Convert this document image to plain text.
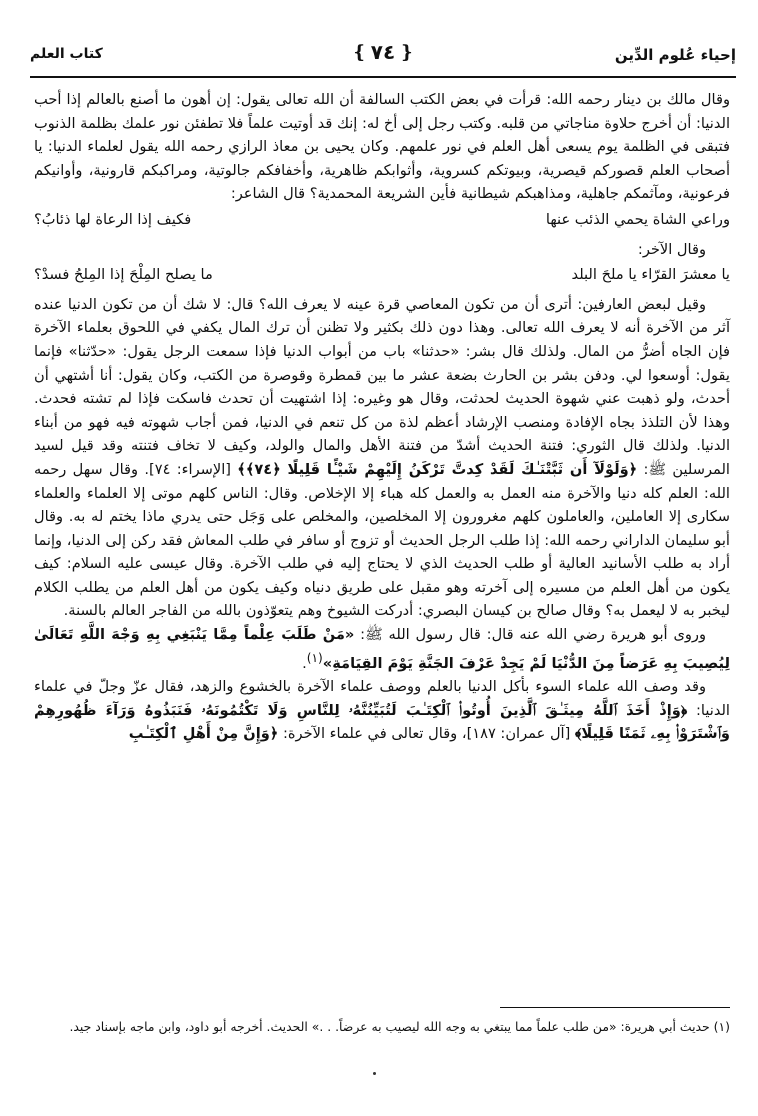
إحياء عُلوم الدِّين
❴
٧٤
❵
كتاب العلم

وقال مالك بن دينار رحمه الله: قرأت في بعض الكتب السالفة أن الله تعالى يقول: إن أهون ما أصنع بالعالم إذا أحب الدنيا: أن أخرج حلاوة مناجاتي من قلبه. وكتب رجل إلى أخ له: إنك قد أوتيت علماً فلا تطفئن نور علمك بظلمة الذنوب فتبقى في الظلمة يوم يسعى أهل العلم في نور علمهم. وكان يحيى بن معاذ الرازي رحمه الله يقول لعلماء الدنيا: يا أصحاب العلم قصوركم قيصرية، وبيوتكم كسروية، وأثوابكم ظاهرية، وأخفافكم جالوتية، ومراكبكم قارونية، وأوانيكم فرعونية، ومآثمكم جاهلية، ومذاهبكم شيطانية فأين الشريعة المحمدية؟ قال الشاعر:

وراعي الشاة يحمي الذئب عنها
فكيف إذا الرعاة لها ذئابُ؟

وقال الآخر:

يا معشرَ القرّاء يا ملحَ البلد
ما يصلح المِلْحَ إذا المِلحُ فسدْ؟

وقيل لبعض العارفين: أترى أن من تكون المعاصي قرة عينه لا يعرف الله؟ قال: لا شك أن من تكون الدنيا عنده آثر من الآخرة أنه لا يعرف الله تعالى. وهذا دون ذلك بكثير ولا تظنن أن ترك المال يكفي في اللحوق بعلماء الآخرة فإن الجاه أضرُّ من المال. ولذلك قال بشر: «حدثنا» باب من أبواب الدنيا فإذا سمعت الرجل يقول: «حدّثنا» فإنما يقول: أوسعوا لي. ودفن بشر بن الحارث بضعة عشر ما بين قمطرة وقوصرة من الكتب، وكان يقول: أنا أشتهي أن أحدث، ولو ذهبت عني شهوة الحديث لحدثت، وقال هو وغيره: إذا اشتهيت أن تحدث فاسكت فإذا لم تشته فحدث. وهذا لأن التلذذ بجاه الإفادة ومنصب الإرشاد أعظم لذة من كل تنعم في الدنيا، فمن أجاب شهوته فيه فهو من أبناء الدنيا. ولذلك قال الثوري: فتنة الحديث أشدّ من فتنة الأهل والمال والولد، وكيف لا تخاف فتنته وقد قيل لسيد المرسلين ﷺ: ﴿وَلَوْلَآ أَن ثَبَّتْنَـٰكَ لَقَدْ كِدتَّ تَرْكَنُ إِلَيْهِمْ شَيْـًٔا قَلِيلًا ﴿٧٤﴾﴾ [الإسراء: ٧٤]. وقال سهل رحمه الله: العلم كله دنيا والآخرة منه العمل به والعمل كله هباء إلا الإخلاص. وقال: الناس كلهم موتى إلا العلماء والعلماء سكارى إلا العاملين، والعاملون كلهم مغرورون إلا المخلصين، والمخلص على وَجَل حتى يدري ماذا يختم له به. وقال أبو سليمان الداراني رحمه الله: إذا طلب الرجل الحديث أو تزوج أو سافر في طلب المعاش فقد ركن إلى الدنيا، وإنما أراد به طلب الأسانيد العالية أو طلب الحديث الذي لا يحتاج إليه في طلب الآخرة. وقال عيسى عليه السلام: كيف يكون من أهل العلم من مسيره إلى آخرته وهو مقبل على طريق دنياه وكيف يكون من أهل العلم من يطلب الكلام ليخبر به لا ليعمل به؟ وقال صالح بن كيسان البصري: أدركت الشيوخ وهم يتعوّذون بالله من الفاجر العالم بالسنة.

وروى أبو هريرة رضي الله عنه قال: قال رسول الله ﷺ: «مَنْ طَلَبَ عِلْماً مِمَّا يَنْبَغِي بِهِ وَجْهَ اللَّهِ تَعَالَىٰ لِيُصِيبَ بِهِ عَرَضاً مِنَ الدُّنْيَا لَمْ يَجِدْ عَرْفَ الجَنَّةِ يَوْمَ القِيَامَةِ»$^{(١)}$.

وقد وصف الله علماء السوء بأكل الدنيا بالعلم ووصف علماء الآخرة بالخشوع والزهد، فقال عزّ وجلّ في علماء الدنيا: ﴿وَإِذْ أَخَذَ ٱللَّهُ مِيثَـٰقَ ٱلَّذِينَ أُوتُوا۟ ٱلْكِتَـٰبَ لَتُبَيِّنُنَّهُۥ لِلنَّاسِ وَلَا تَكْتُمُونَهُۥ فَنَبَذُوهُ وَرَآءَ ظُهُورِهِمْ وَٱشْتَرَوْا۟ بِهِۦ ثَمَنًا قَلِيلًا﴾ [آل عمران: ١٨٧]، وقال تعالى في علماء الآخرة: ﴿وَإِنَّ مِنْ أَهْلِ ٱلْكِتَـٰبِ

(١) حديث أبي هريرة: «من طلب علماً مما يبتغي به وجه الله ليصيب به عرضاً. . .» الحديث. أخرجه أبو داود، وابن ماجه بإسناد جيد.
